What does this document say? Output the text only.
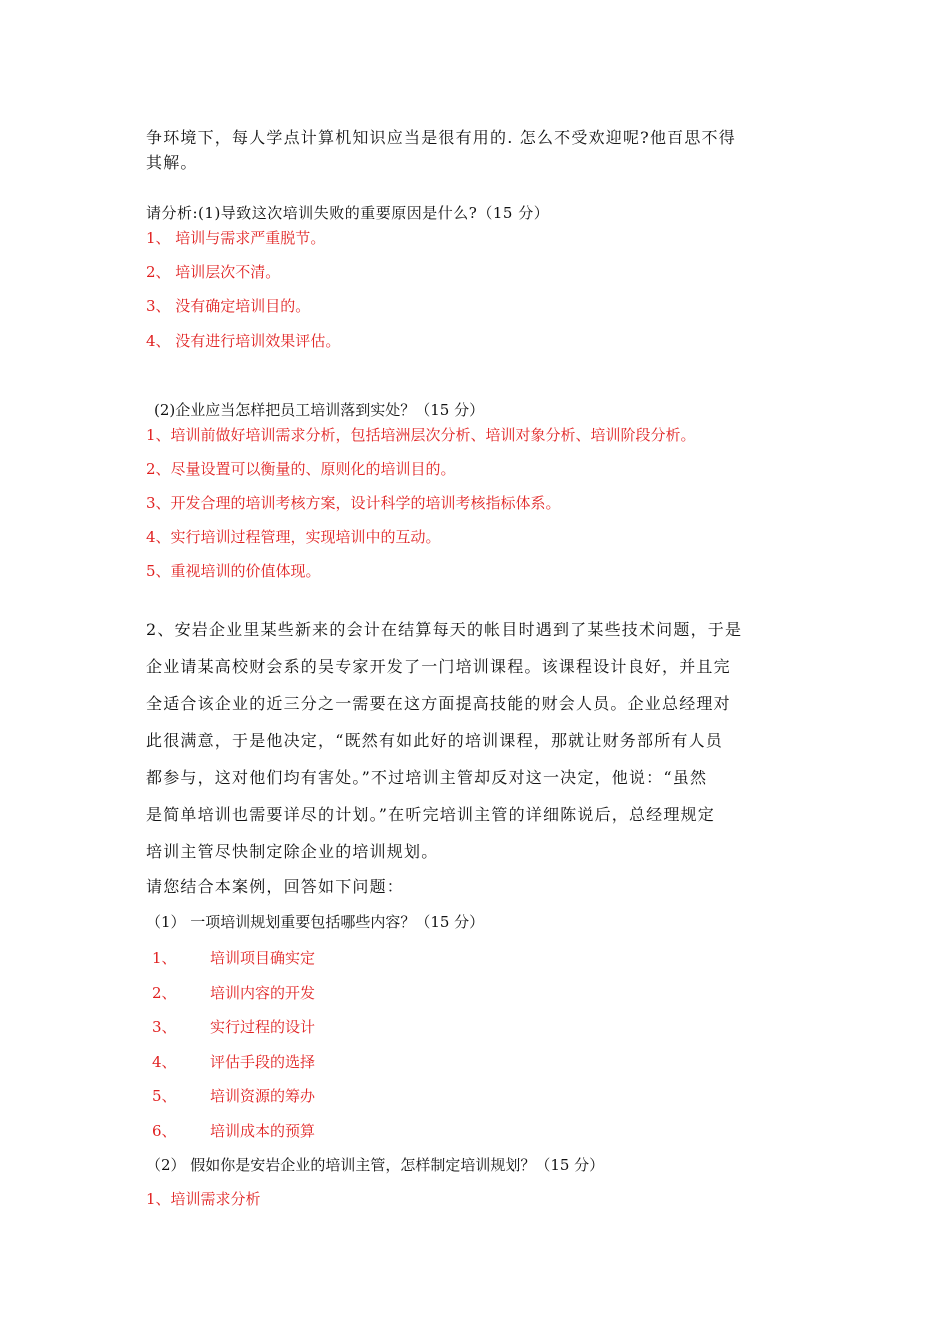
争环境下，每人学点计算机知识应当是很有用的. 怎么不受欢迎呢?他百思不得
其解。
请分析:(1)导致这次培训失败的重要原因是什么?（15 分）
1、 培训与需求严重脱节。
2、 培训层次不清。
3、 没有确定培训目的。
4、 没有进行培训效果评估。
(2)企业应当怎样把员工培训落到实处？（15 分）
1、培训前做好培训需求分析，包括培洲层次分析、培训对象分析、培训阶段分析。
2、尽量设置可以衡量的、原则化的培训目的。
3、开发合理的培训考核方案，设计科学的培训考核指标体系。
4、实行培训过程管理，实现培训中的互动。
5、重视培训的价值体现。
2、安岩企业里某些新来的会计在结算每天的帐目时遇到了某些技术问题，于是
企业请某高校财会系的吴专家开发了一门培训课程。该课程设计良好，并且完
全适合该企业的近三分之一需要在这方面提高技能的财会人员。企业总经理对
此很满意，于是他决定，“既然有如此好的培训课程，那就让财务部所有人员
都参与，这对他们均有害处。”不过培训主管却反对这一决定，他说：“虽然
是简单培训也需要详尽的计划。”在听完培训主管的详细陈说后，总经理规定
培训主管尽快制定除企业的培训规划。
请您结合本案例，回答如下问题：
（1） 一项培训规划重要包括哪些内容？（15 分）
1、 培训项目确实定
2、 培训内容的开发
3、 实行过程的设计
4、 评估手段的选择
5、 培训资源的筹办
6、 培训成本的预算
（2） 假如你是安岩企业的培训主管，怎样制定培训规划？（15 分）
1、培训需求分析
